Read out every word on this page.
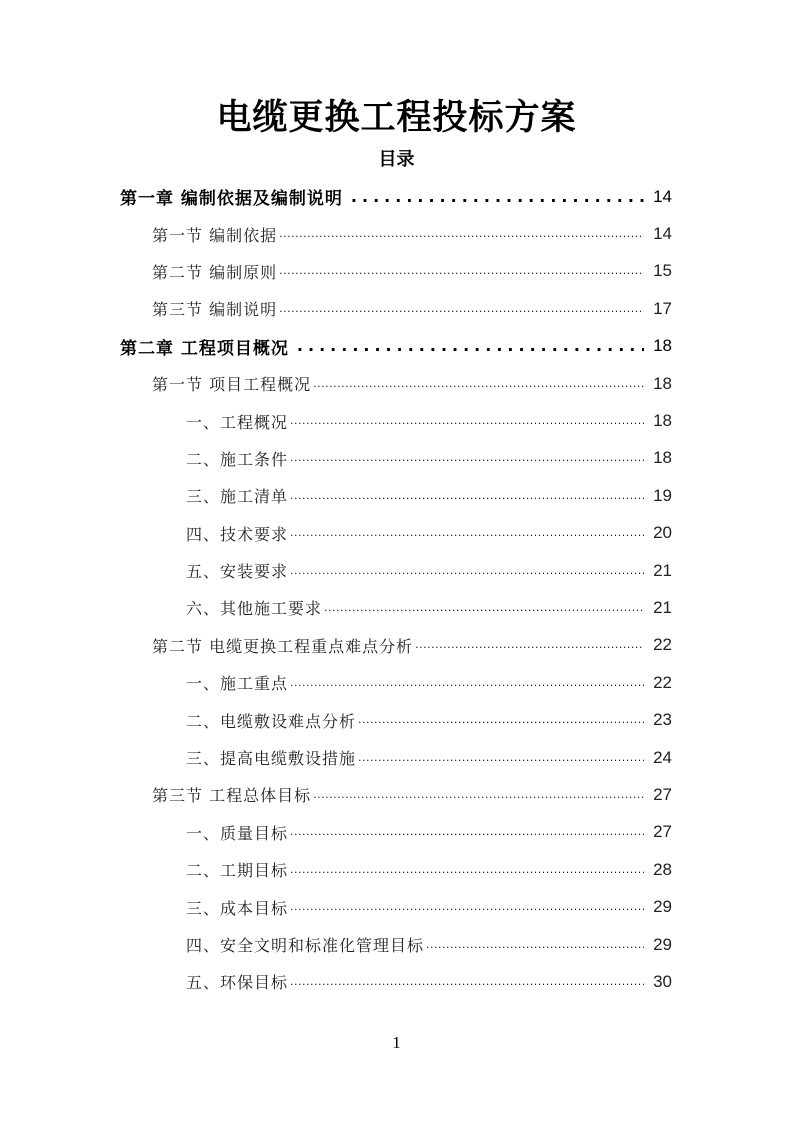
电缆更换工程投标方案
目录
第一章 编制依据及编制说明 .....	14
第一节 编制依据 .....	14
第二节 编制原则 .....	15
第三节 编制说明 .....	17
第二章 工程项目概况 .....	18
第一节 项目工程概况 .....	18
一、工程概况 .....	18
二、施工条件 .....	18
三、施工清单 .....	19
四、技术要求 .....	20
五、安装要求 .....	21
六、其他施工要求 .....	21
第二节 电缆更换工程重点难点分析 .....	22
一、施工重点 .....	22
二、电缆敷设难点分析 .....	23
三、提高电缆敷设措施 .....	24
第三节 工程总体目标 .....	27
一、质量目标 .....	27
二、工期目标 .....	28
三、成本目标 .....	29
四、安全文明和标准化管理目标 .....	29
五、环保目标 .....	30
1
